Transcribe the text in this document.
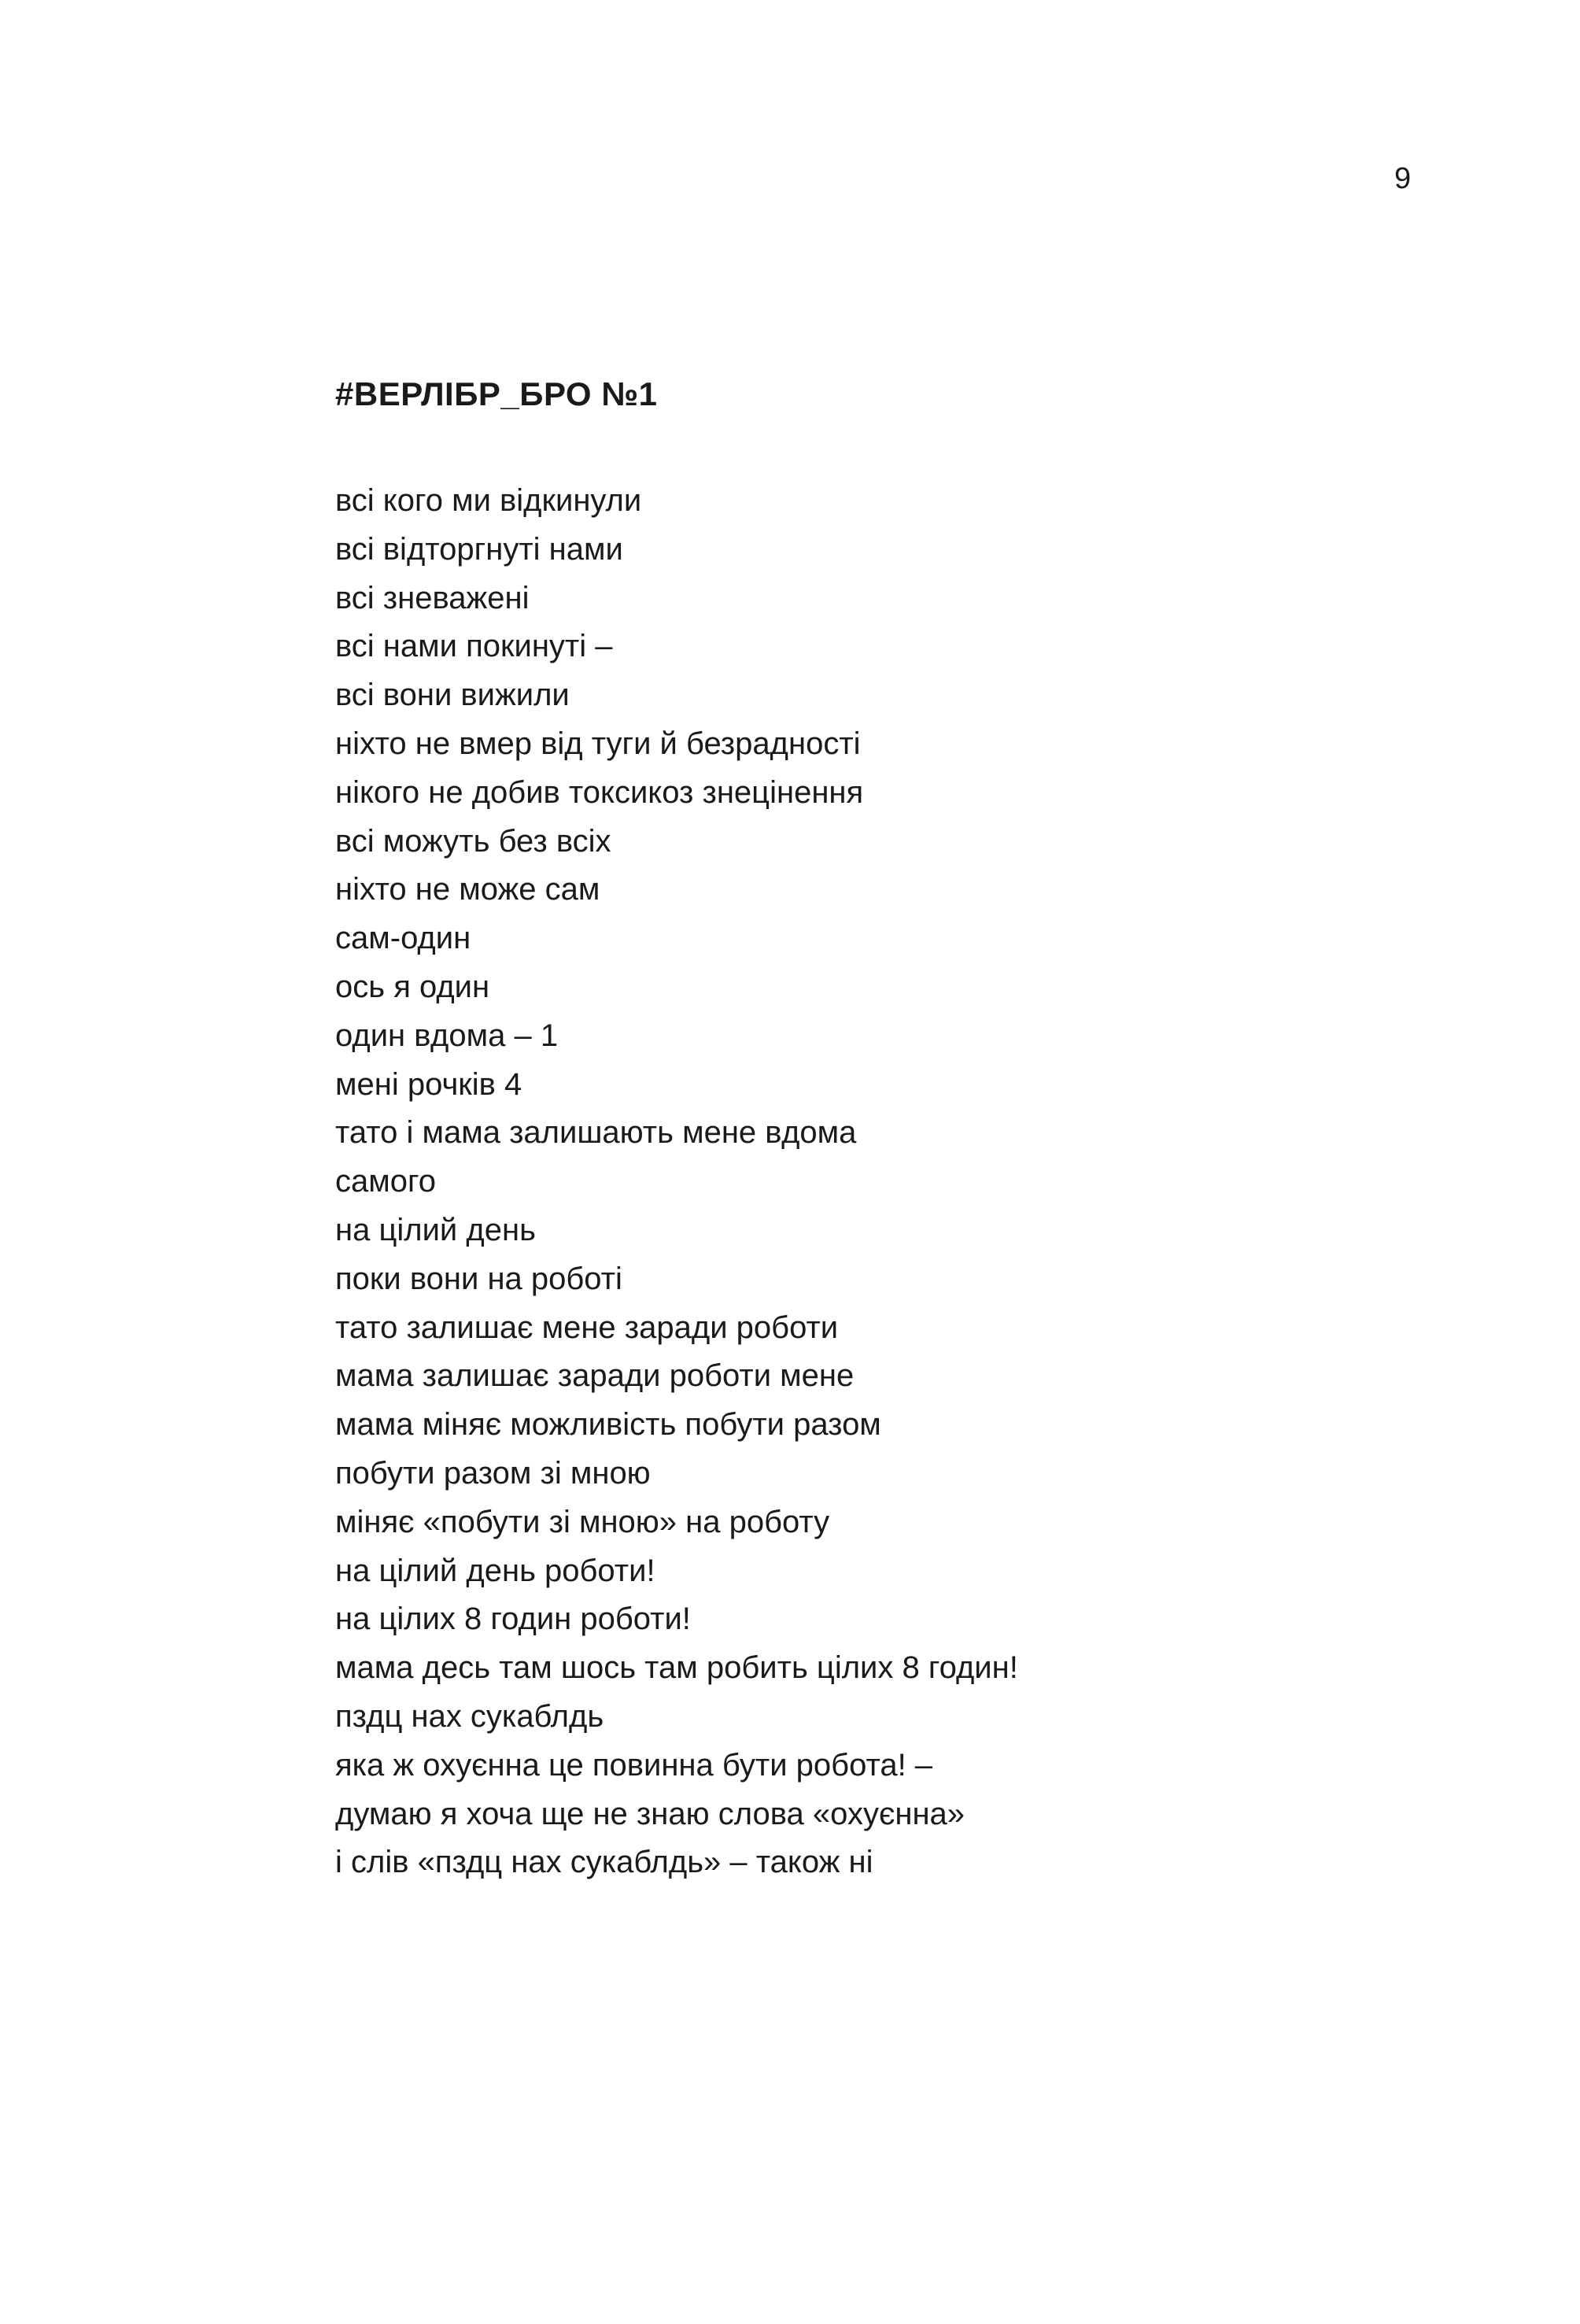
9
#ВЕРЛІБР_БРО №1
всі кого ми відкинули
всі відторгнуті нами
всі зневажені
всі нами покинуті –
всі вони вижили
ніхто не вмер від туги й безрадності
нікого не добив токсикоз знецінення
всі можуть без всіх
ніхто не може сам
сам-один
ось я один
один вдома – 1
мені рочків 4
тато і мама залишають мене вдома
самого
на цілий день
поки вони на роботі
тато залишає мене заради роботи
мама залишає заради роботи мене
мама міняє можливість побути разом
побути разом зі мною
міняє «побути зі мною» на роботу
на цілий день роботи!
на цілих 8 годин роботи!
мама десь там шось там робить цілих 8 годин!
пздц нах сукаблдь
яка ж охуєнна це повинна бути робота! –
думаю я хоча ще не знаю слова «охуєнна»
і слів «пздц нах сукаблдь» – також ні
